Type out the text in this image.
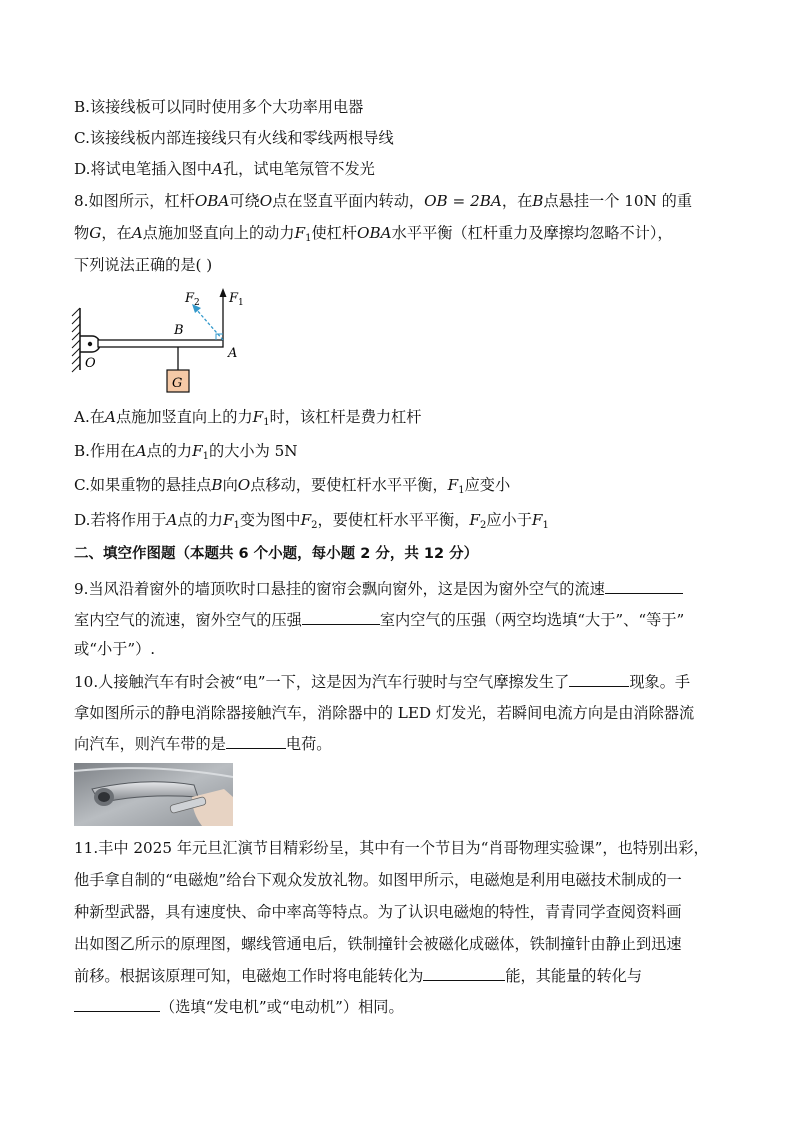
B.该接线板可以同时使用多个大功率用电器
C.该接线板内部连接线只有火线和零线两根导线
D.将试电笔插入图中A孔，试电笔氖管不发光
8.如图所示，杠杆OBA可绕O点在竖直平面内转动，OB = 2BA，在B点悬挂一个 10N 的重
物G，在A点施加竖直向上的动力$F_1$使杠杆OBA水平平衡（杠杆重力及摩擦均忽略不计），
下列说法正确的是( )
$F_2$ $F_1$
B
O
A
G
A.在A点施加竖直向上的力$F_1$时，该杠杆是费力杠杆
B.作用在A点的力$F_1$的大小为 5N
C.如果重物的悬挂点B向O点移动，要使杠杆水平平衡，$F_1$应变小
D.若将作用于A点的力$F_1$变为图中$F_2$，要使杠杆水平平衡，$F_2$应小于$F_1$
二、填空作图题（本题共 6 个小题，每小题 2 分，共 12 分）
9.当风沿着窗外的墙顶吹时口悬挂的窗帘会飘向窗外，这是因为窗外空气的流速
室内空气的流速，窗外空气的压强	室内空气的压强（两空均选填“大于”、“等于”
或“小于”）.
10.人接触汽车有时会被“电”一下，这是因为汽车行驶时与空气摩擦发生了	现象。手
拿如图所示的静电消除器接触汽车，消除器中的 LED 灯发光，若瞬间电流方向是由消除器流
向汽车，则汽车带的是	电荷。
11.丰中 2025 年元旦汇演节目精彩纷呈，其中有一个节目为“肖哥物理实验课”，也特别出彩，
他手拿自制的“电磁炮”给台下观众发放礼物。如图甲所示，电磁炮是利用电磁技术制成的一
种新型武器，具有速度快、命中率高等特点。为了认识电磁炮的特性，青青同学查阅资料画
出如图乙所示的原理图，螺线管通电后，铁制撞针会被磁化成磁体，铁制撞针由静止到迅速
前移。根据该原理可知，电磁炮工作时将电能转化为	能，其能量的转化与
（选填“发电机”或“电动机”）相同。
